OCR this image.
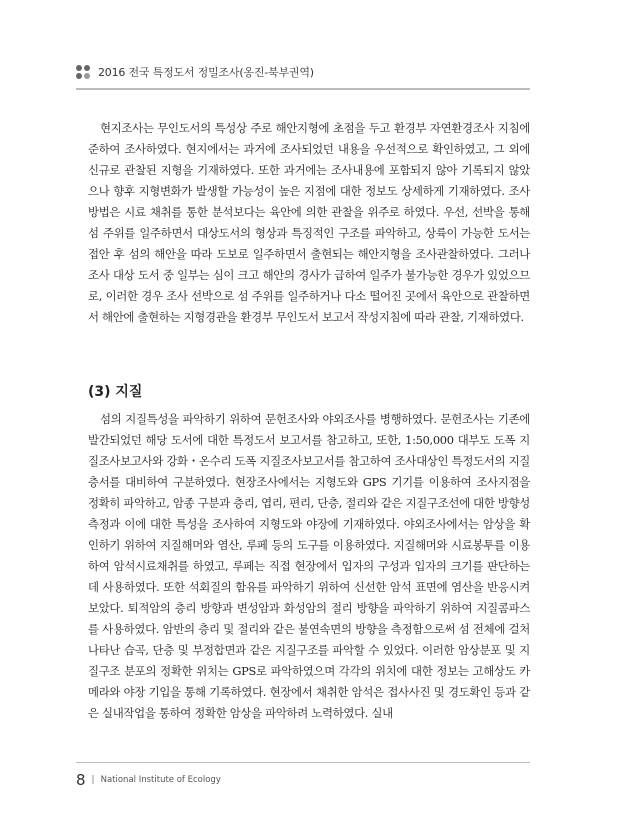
2016 전국 특정도서 정밀조사(옹진-북부권역)

현지조사는 무인도서의 특성상 주로 해안지형에 초점을 두고 환경부 자연환경조사 지침에 준하여 조사하였다. 현지에서는 과거에 조사되었던 내용을 우선적으로 확인하였고, 그 외에 신규로 관찰된 지형을 기재하였다. 또한 과거에는 조사내용에 포함되지 않아 기록되지 않았으나 향후 지형변화가 발생할 가능성이 높은 지점에 대한 정보도 상세하게 기재하였다. 조사 방법은 시료 채취를 통한 분석보다는 육안에 의한 관찰을 위주로 하였다. 우선, 선박을 통해 섬 주위를 일주하면서 대상도서의 형상과 특징적인 구조를 파악하고, 상륙이 가능한 도서는 접안 후 섬의 해안을 따라 도보로 일주하면서 출현되는 해안지형을 조사관찰하였다. 그러나 조사 대상 도서 중 일부는 심이 크고 해안의 경사가 급하여 일주가 불가능한 경우가 있었으므로, 이러한 경우 조사 선박으로 섬 주위를 일주하거나 다소 떨어진 곳에서 육안으로 관찰하면서 해안에 출현하는 지형경관을 환경부 무인도서 보고서 작성지침에 따라 관찰, 기재하였다.

(3) 지질

섬의 지질특성을 파악하기 위하여 문헌조사와 야외조사를 병행하였다. 문헌조사는 기존에 발간되었던 해당 도서에 대한 특정도서 보고서를 참고하고, 또한, 1:50,000 대부도 도폭 지질조사보고사와 강화・온수리 도폭 지질조사보고서를 참고하여 조사대상인 특정도서의 지질 층서를 대비하여 구분하였다. 현장조사에서는 지형도와 GPS 기기를 이용하여 조사지점을 정확히 파악하고, 암종 구분과 층리, 엽리, 편리, 단층, 절리와 같은 지질구조선에 대한 방향성 측정과 이에 대한 특성을 조사하여 지형도와 야장에 기재하였다. 야외조사에서는 암상을 확인하기 위하여 지질해머와 염산, 루페 등의 도구를 이용하였다. 지질해머와 시료봉투를 이용하여 암석시료채취를 하였고, 루페는 직접 현장에서 입자의 구성과 입자의 크기를 판단하는데 사용하였다. 또한 석회질의 함유를 파악하기 위하여 신선한 암석 표면에 염산을 반응시켜 보았다. 퇴적암의 층리 방향과 변성암과 화성암의 절리 방향을 파악하기 위하여 지질콤파스를 사용하였다. 암반의 층리 및 절리와 같은 불연속면의 방향을 측정함으로써 섬 전체에 걸처 나타난 습곡, 단층 및 부정합면과 같은 지질구조를 파악할 수 있었다. 이러한 암상분포 및 지질구조 분포의 정확한 위치는 GPS로 파악하였으며 각각의 위치에 대한 정보는 고해상도 카메라와 야장 기입을 통해 기록하였다. 현장에서 채취한 암석은 접사사진 및 경도확인 등과 같은 실내작업을 통하여 정확한 암상을 파악하려 노력하였다. 실내

8 | National Institute of Ecology
